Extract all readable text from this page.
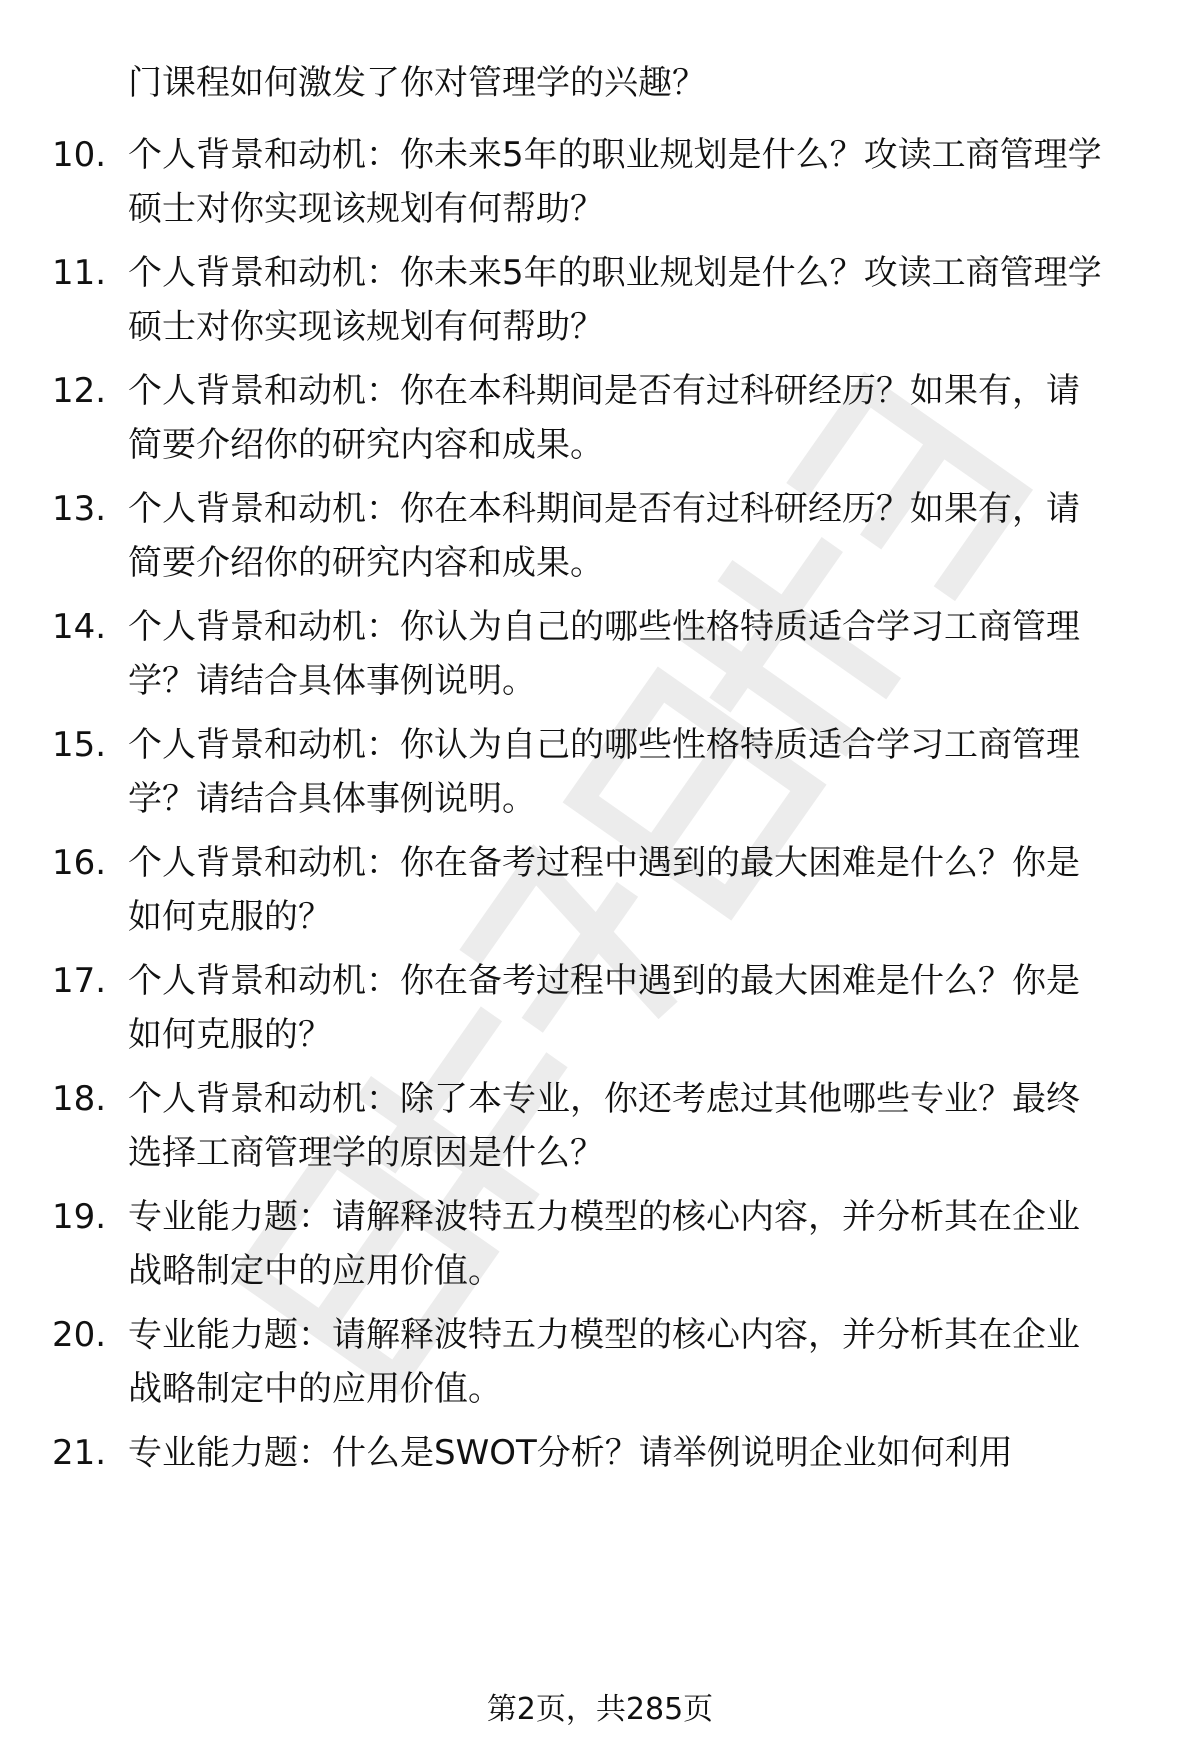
门课程如何激发了你对管理学的兴趣？
10. 个人背景和动机：你未来5年的职业规划是什么？攻读工商管理学
硕士对你实现该规划有何帮助？
11. 个人背景和动机：你未来5年的职业规划是什么？攻读工商管理学
硕士对你实现该规划有何帮助？
12. 个人背景和动机：你在本科期间是否有过科研经历？如果有，请
简要介绍你的研究内容和成果。
13. 个人背景和动机：你在本科期间是否有过科研经历？如果有，请
简要介绍你的研究内容和成果。
14. 个人背景和动机：你认为自己的哪些性格特质适合学习工商管理
学？请结合具体事例说明。
15. 个人背景和动机：你认为自己的哪些性格特质适合学习工商管理
学？请结合具体事例说明。
16. 个人背景和动机：你在备考过程中遇到的最大困难是什么？你是
如何克服的？
17. 个人背景和动机：你在备考过程中遇到的最大困难是什么？你是
如何克服的？
18. 个人背景和动机：除了本专业，你还考虑过其他哪些专业？最终
选择工商管理学的原因是什么？
19. 专业能力题：请解释波特五力模型的核心内容，并分析其在企业
战略制定中的应用价值。
20. 专业能力题：请解释波特五力模型的核心内容，并分析其在企业
战略制定中的应用价值。
21. 专业能力题：什么是SWOT分析？请举例说明企业如何利用
第2页，共285页
